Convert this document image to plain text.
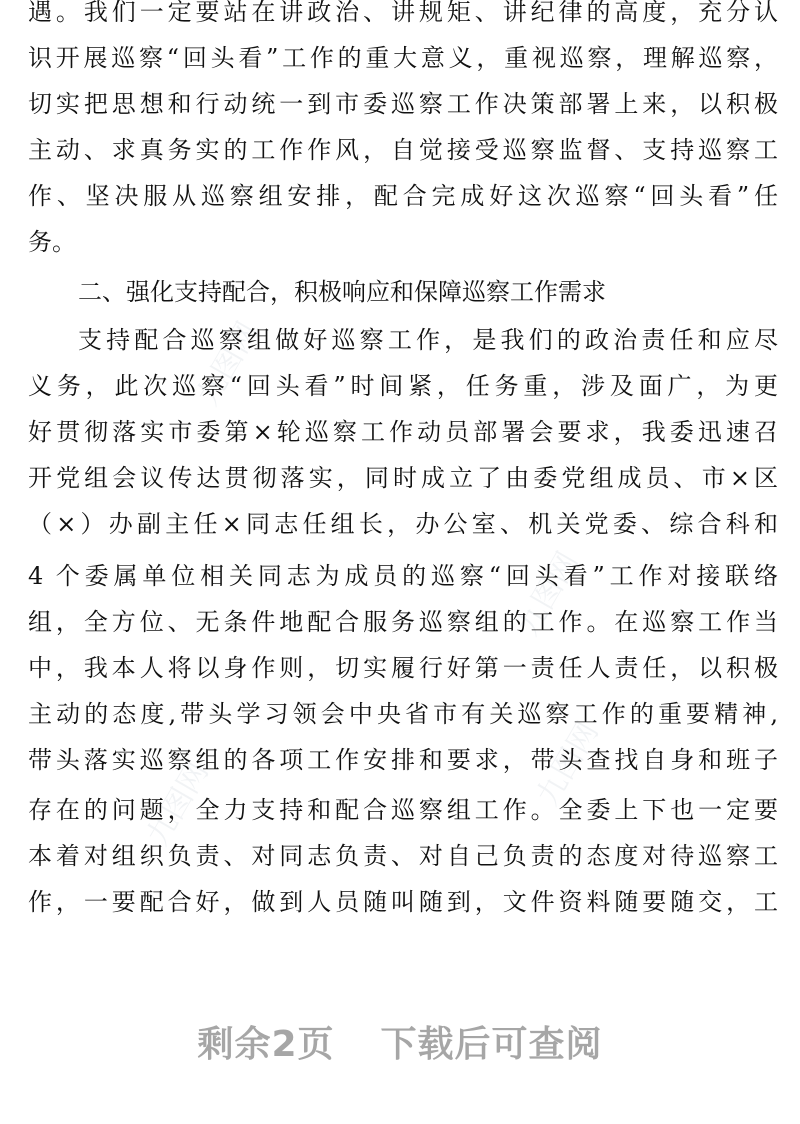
九图网
九图网
九图网	九图网
遇。我们一定要站在讲政治、讲规矩、讲纪律的高度，充分认
识开展巡察“回头看”工作的重大意义，重视巡察，理解巡察，
切实把思想和行动统一到市委巡察工作决策部署上来，以积极
主动、求真务实的工作作风，自觉接受巡察监督、支持巡察工
作、坚决服从巡察组安排，配合完成好这次巡察“回头看”任
务。
二、强化支持配合，积极响应和保障巡察工作需求
支持配合巡察组做好巡察工作，是我们的政治责任和应尽
义务，此次巡察“回头看”时间紧，任务重，涉及面广，为更
好贯彻落实市委第×轮巡察工作动员部署会要求，我委迅速召
开党组会议传达贯彻落实，同时成立了由委党组成员、市×区
（×）办副主任×同志任组长，办公室、机关党委、综合科和
4 个委属单位相关同志为成员的巡察“回头看”工作对接联络
组，全方位、无条件地配合服务巡察组的工作。在巡察工作当
中，我本人将以身作则，切实履行好第一责任人责任，以积极
主动的态度,带头学习领会中央省市有关巡察工作的重要精神,
带头落实巡察组的各项工作安排和要求，带头查找自身和班子
存在的问题，全力支持和配合巡察组工作。全委上下也一定要
本着对组织负责、对同志负责、对自己负责的态度对待巡察工
作，一要配合好，做到人员随叫随到，文件资料随要随交，工
剩余2页 下载后可查阅
